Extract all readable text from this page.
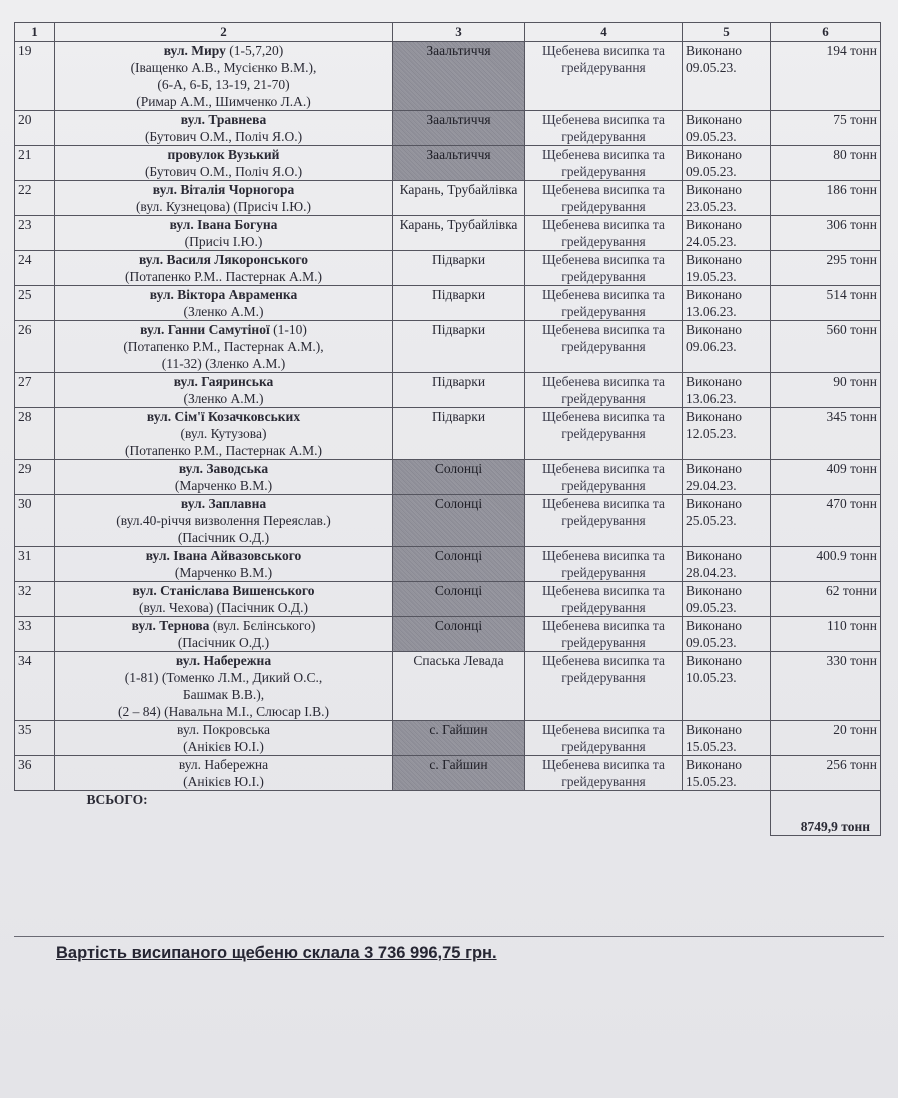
1	2	3	4	5	6
19	вул. Миру (1-5,7,20)
(Іващенко А.В., Мусієнко В.М.),
(6-А, 6-Б, 13-19, 21-70)
(Римар А.М., Шимченко Л.А.)	Заальтиччя	Щебенева висипка та грейдерування	Виконано 09.05.23.	194 тонн
20	вул. Травнева
(Бутович О.М., Поліч Я.О.)	Заальтиччя	Щебенева висипка та грейдерування	Виконано 09.05.23.	75 тонн
21	провулок Вузький
(Бутович О.М., Поліч Я.О.)	Заальтиччя	Щебенева висипка та грейдерування	Виконано 09.05.23.	80 тонн
22	вул. Віталія Чорногора
(вул. Кузнецова) (Присіч І.Ю.)	Карань, Трубайлівка	Щебенева висипка та грейдерування	Виконано 23.05.23.	186 тонн
23	вул. Івана Богуна
(Присіч І.Ю.)	Карань, Трубайлівка	Щебенева висипка та грейдерування	Виконано 24.05.23.	306 тонн
24	вул. Василя Лякоронського
(Потапенко Р.М.. Пастернак А.М.)	Підварки	Щебенева висипка та грейдерування	Виконано 19.05.23.	295 тонн
25	вул. Віктора Авраменка
(Зленко А.М.)	Підварки	Щебенева висипка та грейдерування	Виконано 13.06.23.	514 тонн
26	вул. Ганни Самутіної (1-10)
(Потапенко Р.М., Пастернак А.М.),
(11-32) (Зленко А.М.)	Підварки	Щебенева висипка та грейдерування	Виконано 09.06.23.	560 тонн
27	вул. Гаяринська
(Зленко А.М.)	Підварки	Щебенева висипка та грейдерування	Виконано 13.06.23.	90 тонн
28	вул. Сім'ї Козачковських
(вул. Кутузова)
(Потапенко Р.М., Пастернак А.М.)	Підварки	Щебенева висипка та грейдерування	Виконано 12.05.23.	345 тонн
29	вул. Заводська
(Марченко В.М.)	Солонці	Щебенева висипка та грейдерування	Виконано 29.04.23.	409 тонн
30	вул. Заплавна
(вул.40-річчя визволення Переяслав.)
(Пасічник О.Д.)	Солонці	Щебенева висипка та грейдерування	Виконано 25.05.23.	470 тонн
31	вул. Івана Айвазовського
(Марченко В.М.)	Солонці	Щебенева висипка та грейдерування	Виконано 28.04.23.	400.9 тонн
32	вул. Станіслава Вишенського
(вул. Чехова) (Пасічник О.Д.)	Солонці	Щебенева висипка та грейдерування	Виконано 09.05.23.	62 тонни
33	вул. Тернова (вул. Бєлінського)
(Пасічник О.Д.)	Солонці	Щебенева висипка та грейдерування	Виконано 09.05.23.	110 тонн
34	вул. Набережна
(1-81) (Томенко Л.М., Дикий О.С.,
Башмак В.В.),
(2 – 84) (Навальна М.І., Слюсар І.В.)	Спаська Левада	Щебенева висипка та грейдерування	Виконано 10.05.23.	330 тонн
35	вул. Покровська
(Анікієв Ю.І.)	с. Гайшин	Щебенева висипка та грейдерування	Виконано 15.05.23.	20 тонн
36	вул. Набережна
(Анікієв Ю.І.)	с. Гайшин	Щебенева висипка та грейдерування	Виконано 15.05.23.	256 тонн
ВСЬОГО:					8749,9 тонн
Вартість висипаного щебеню склала 3 736 996,75 грн.
